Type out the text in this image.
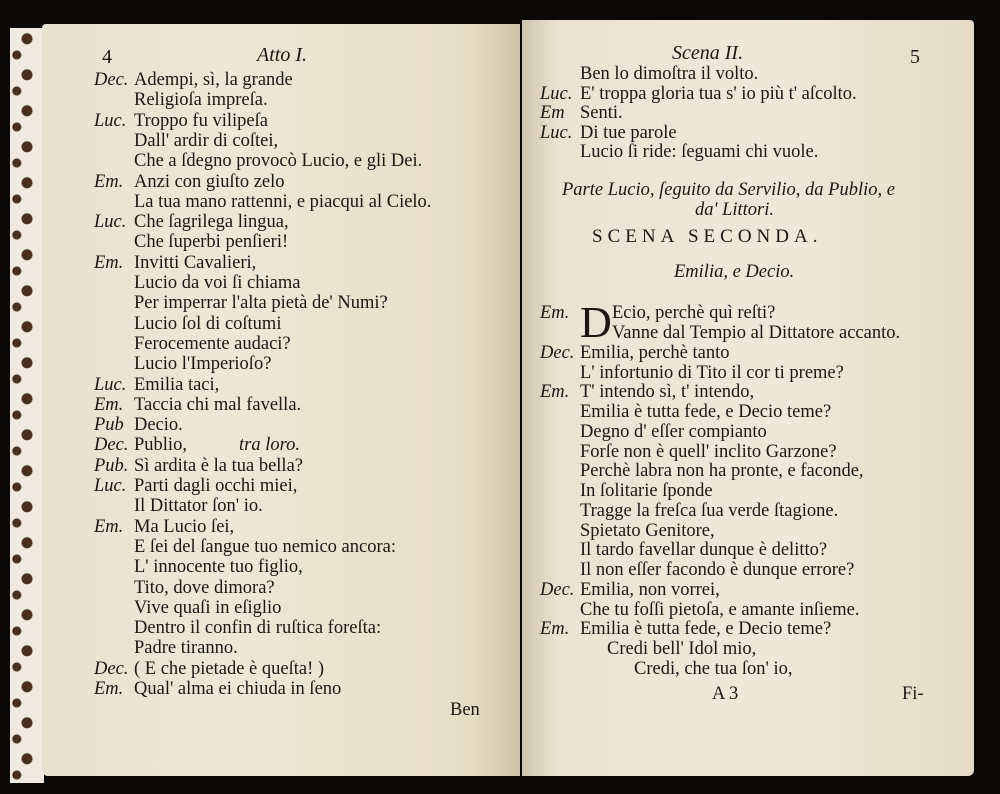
4	Atto I.
Dec. Adempi, sì, la grande
Religioſa impreſa.
Luc. Troppo fu vilipeſa
Dall' ardir di coſtei,
Che a ſdegno provocò Lucio, e gli Dei.
Em. Anzi con giuſto zelo
La tua mano rattenni, e piacqui al Cielo.
Luc. Che ſagrilega lingua,
Che ſuperbi penſieri!
Em. Invitti Cavalieri,
Lucio da voi ſi chiama
Per imperrar l'alta pietà de' Numi?
Lucio ſol di coſtumi
Ferocemente audaci?
Lucio l'Imperioſo?
Luc. Emilia taci,
Em. Taccia chi mal favella.
Pub Decio.
Dec. Publio,	tra loro.
Pub. Sì ardita è la tua bella?
Luc. Parti dagli occhi miei,
Il Dittator ſon' io.
Em. Ma Lucio ſei,
E ſei del ſangue tuo nemico ancora:
L' innocente tuo figlio,
Tito, dove dimora?
Vive quaſi in eſiglio
Dentro il confin di ruſtica foreſta:
Padre tiranno.
Dec. ( E che pietade è queſta! )
Em. Qual' alma ei chiuda in ſeno
Ben
Scena II.	5
Ben lo dimoſtra il volto.
Luc. E' troppa gloria tua s' io più t' aſcolto.
Em Senti.
Luc. Di tue parole
Lucio ſi ride: ſeguami chi vuole.
Parte Lucio, ſeguito da Servilio, da Publio, e
da' Littori.
SCENA SECONDA.
Emilia, e Decio.
D
Em. Ecio, perchè quì reſti?
Vanne dal Tempio al Dittatore accanto.
Dec. Emilia, perchè tanto
L' infortunio di Tito il cor ti preme?
Em. T' intendo sì, t' intendo,
Emilia è tutta fede, e Decio teme?
Degno d' eſſer compianto
Forſe non è quell' inclito Garzone?
Perchè labra non ha pronte, e faconde,
In ſolitarie ſponde
Tragge la freſca ſua verde ſtagione.
Spietato Genitore,
Il tardo favellar dunque è delitto?
Il non eſſer facondo è dunque errore?
Dec. Emilia, non vorrei,
Che tu foſſi pietoſa, e amante inſieme.
Em. Emilia è tutta fede, e Decio teme?
Credi bell' Idol mio,
Credi, che tua ſon' io,
A 3	Fi-
